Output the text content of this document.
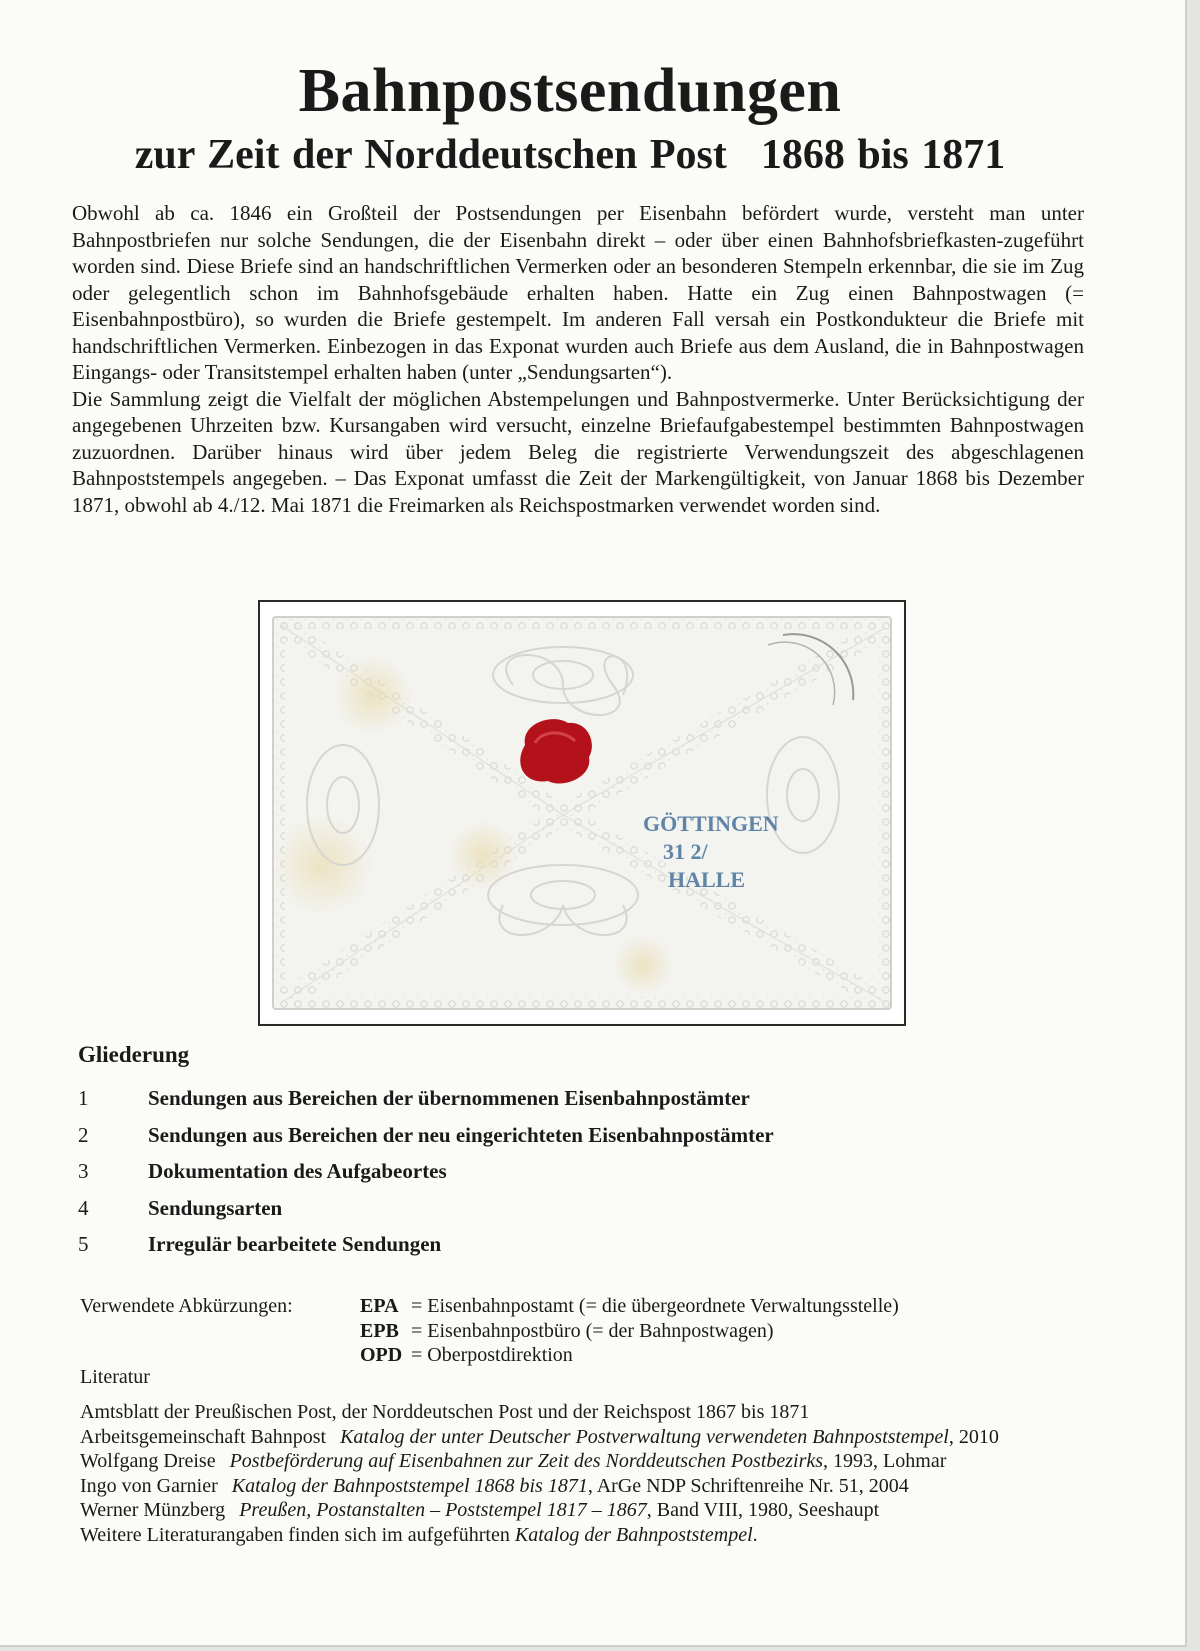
Bahnpostsendungen
zur Zeit der Norddeutschen Post 1868 bis 1871

Obwohl ab ca. 1846 ein Großteil der Postsendungen per Eisenbahn befördert wurde, versteht man unter Bahnpostbriefen nur solche Sendungen, die der Eisenbahn direkt – oder über einen Bahnhofsbriefkasten-zugeführt worden sind. Diese Briefe sind an handschriftlichen Vermerken oder an besonderen Stempeln erkennbar, die sie im Zug oder gelegentlich schon im Bahnhofsgebäude erhalten haben. Hatte ein Zug einen Bahnpostwagen (= Eisenbahnpostbüro), so wurden die Briefe gestempelt. Im anderen Fall versah ein Postkondukteur die Briefe mit handschriftlichen Vermerken. Einbezogen in das Exponat wurden auch Briefe aus dem Ausland, die in Bahnpostwagen Eingangs- oder Transitstempel erhalten haben (unter „Sendungsarten“).

Die Sammlung zeigt die Vielfalt der möglichen Abstempelungen und Bahnpostvermerke. Unter Berücksichtigung der angegebenen Uhrzeiten bzw. Kursangaben wird versucht, einzelne Briefaufgabestempel bestimmten Bahnpostwagen zuzuordnen. Darüber hinaus wird über jedem Beleg die registrierte Verwendungszeit des abgeschlagenen Bahnpoststempels angegeben. – Das Exponat umfasst die Zeit der Markengültigkeit, von Januar 1868 bis Dezember 1871, obwohl ab 4./12. Mai 1871 die Freimarken als Reichspostmarken verwendet worden sind.

GÖTTINGEN
31 2/
HALLE
Gliederung
1	Sendungen aus Bereichen der übernommenen Eisenbahnpostämter
2	Sendungen aus Bereichen der neu eingerichteten Eisenbahnpostämter
3	Dokumentation des Aufgabeortes
4	Sendungsarten
5	Irregulär bearbeitete Sendungen
Verwendete Abkürzungen:	EPA = Eisenbahnpostamt (= die übergeordnete Verwaltungsstelle)
EPB = Eisenbahnpostbüro (= der Bahnpostwagen)
OPD = Oberpostdirektion
Literatur
Amtsblatt der Preußischen Post, der Norddeutschen Post und der Reichspost 1867 bis 1871
Arbeitsgemeinschaft Bahnpost Katalog der unter Deutscher Postverwaltung verwendeten Bahnpoststempel, 2010
Wolfgang Dreise Postbeförderung auf Eisenbahnen zur Zeit des Norddeutschen Postbezirks, 1993, Lohmar
Ingo von Garnier Katalog der Bahnpoststempel 1868 bis 1871, ArGe NDP Schriftenreihe Nr. 51, 2004
Werner Münzberg Preußen, Postanstalten – Poststempel 1817 – 1867, Band VIII, 1980, Seeshaupt
Weitere Literaturangaben finden sich im aufgeführten Katalog der Bahnpoststempel.
